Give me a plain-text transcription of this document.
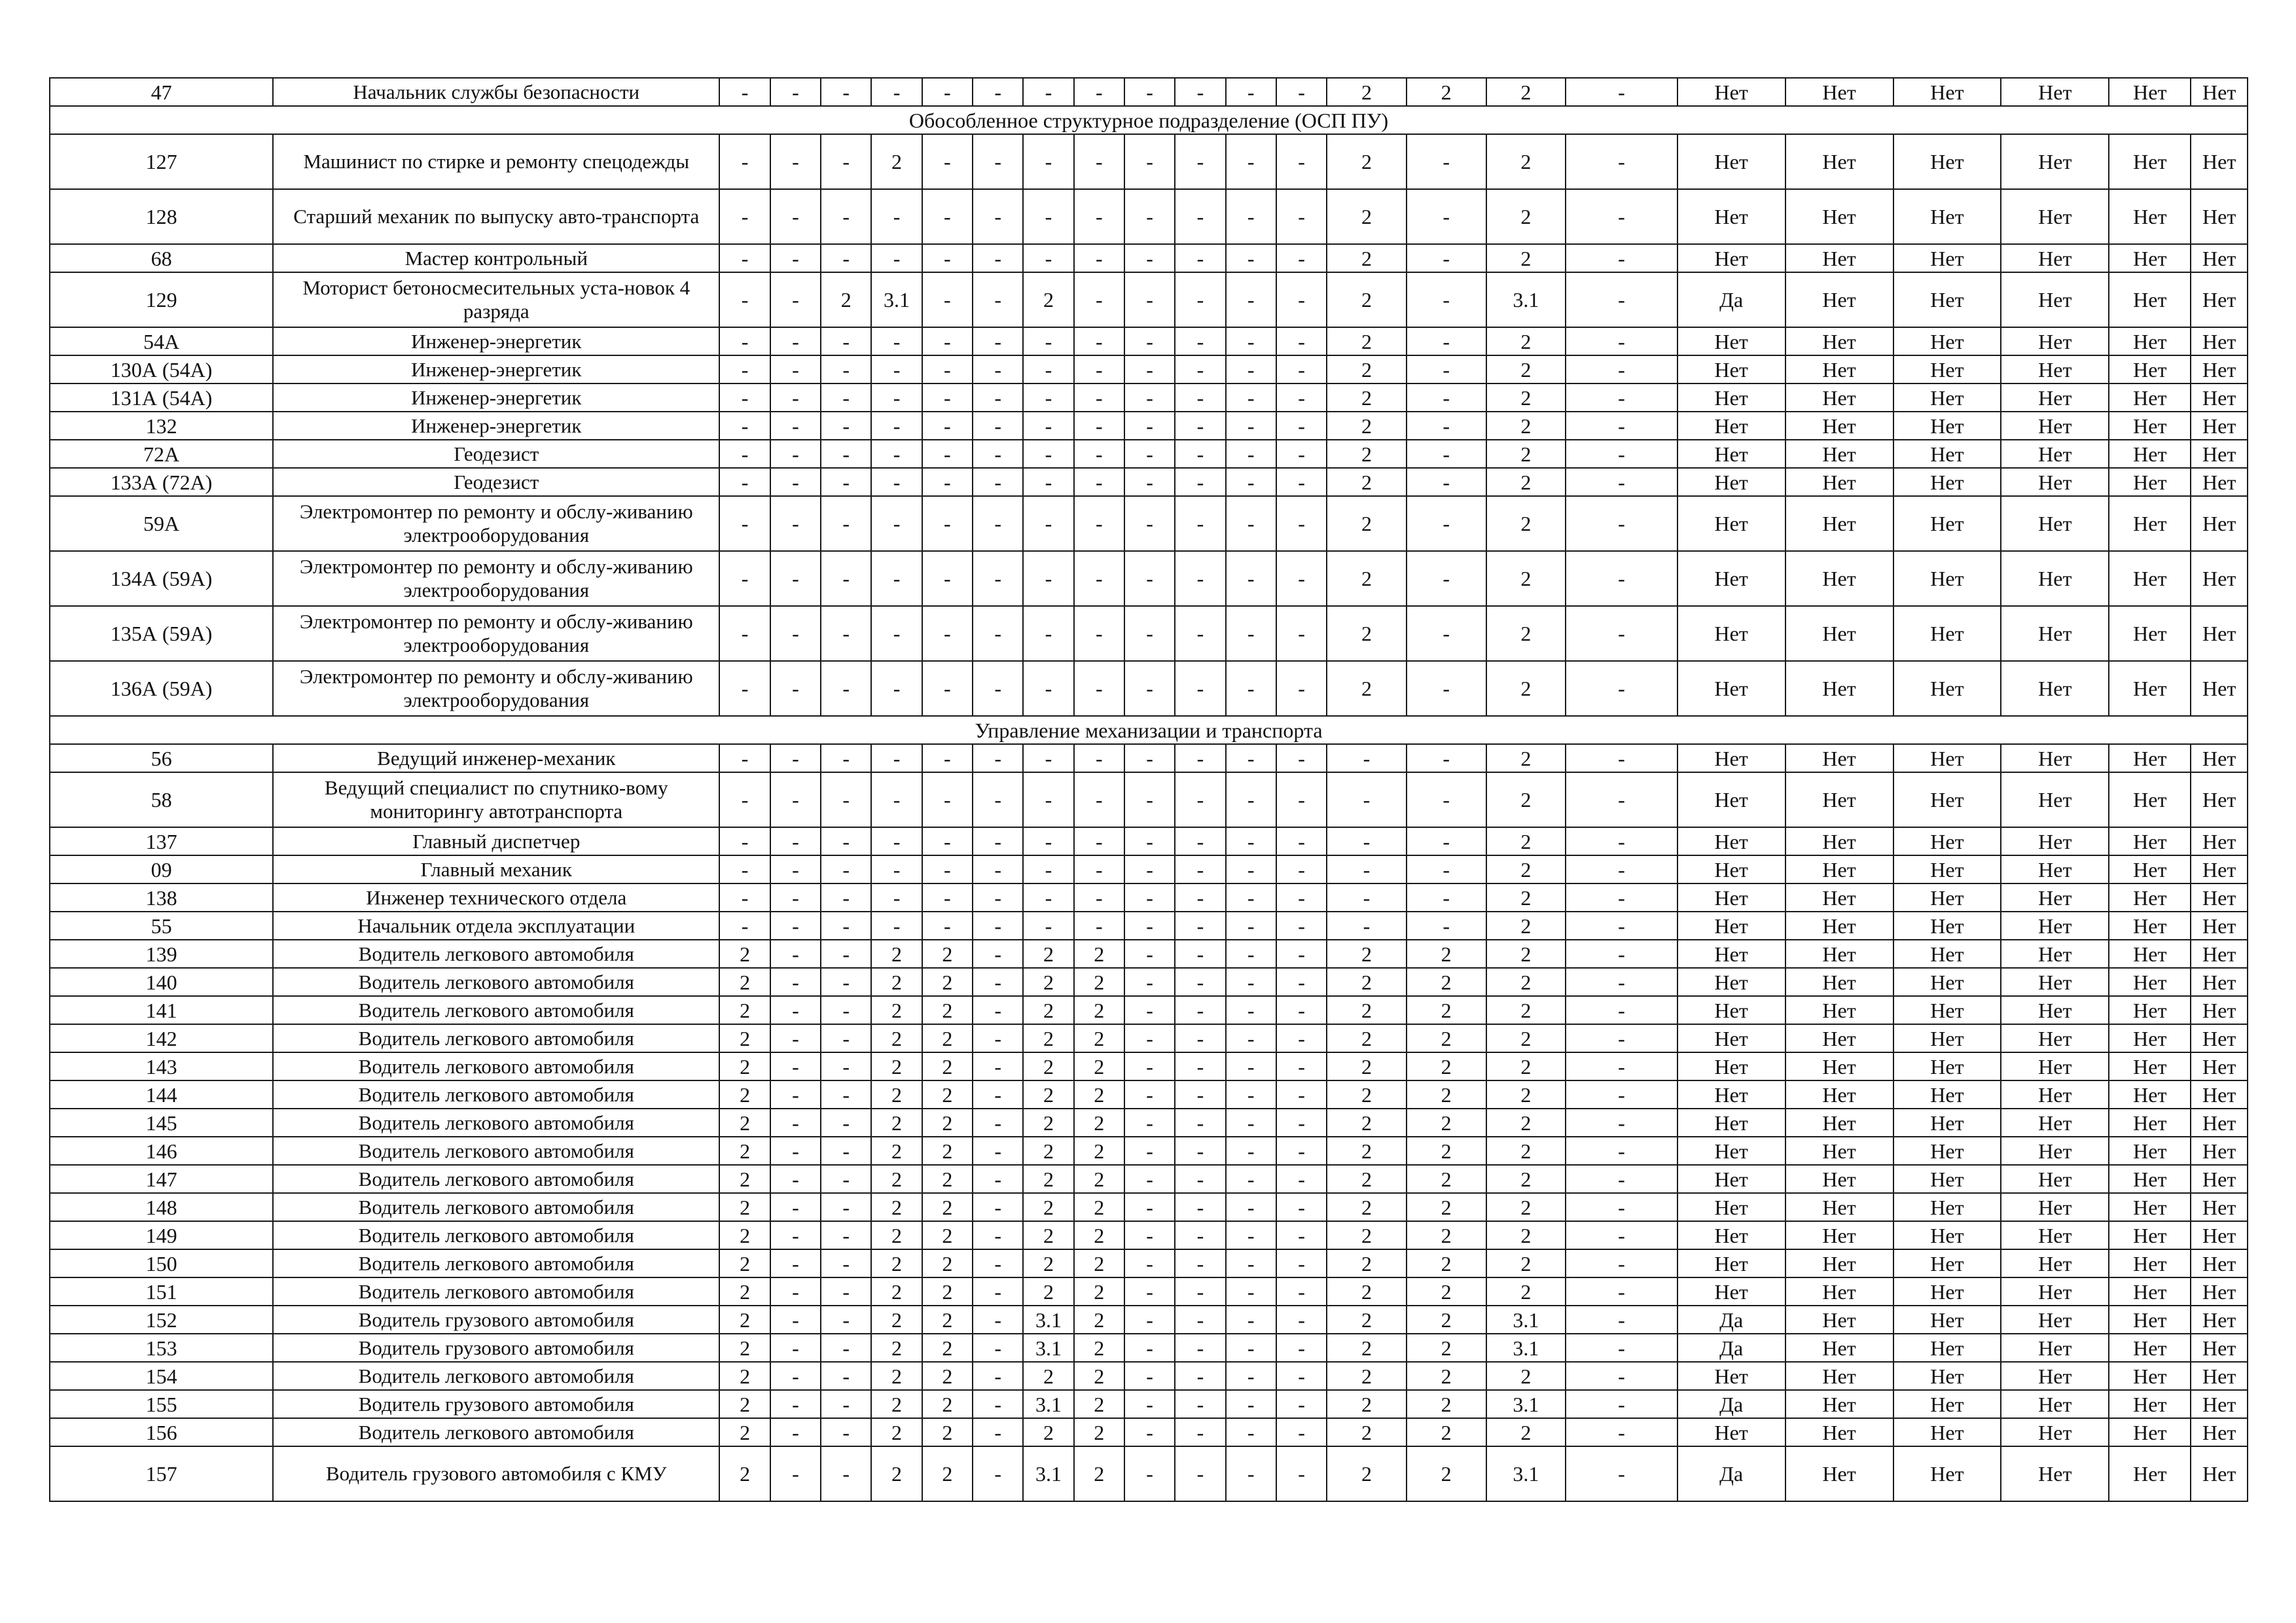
47	Начальник службы безопасности	-	-	-	-	-	-	-	-	-	-	-	-	2	2	2	-	Нет	Нет	Нет	Нет	Нет	Нет
Обособленное структурное подразделение (ОСП ПУ)																							
127	Машинист по стирке и ремонту спецодежды	-	-	-	2	-	-	-	-	-	-	-	-	2	-	2	-	Нет	Нет	Нет	Нет	Нет	Нет
128	Старший механик по выпуску авто-транспорта	-	-	-	-	-	-	-	-	-	-	-	-	2	-	2	-	Нет	Нет	Нет	Нет	Нет	Нет
68	Мастер контрольный	-	-	-	-	-	-	-	-	-	-	-	-	2	-	2	-	Нет	Нет	Нет	Нет	Нет	Нет
129	Моторист бетоносмесительных уста-новок 4 разряда	-	-	2	3.1	-	-	2	-	-	-	-	-	2	-	3.1	-	Да	Нет	Нет	Нет	Нет	Нет
54А	Инженер-энергетик	-	-	-	-	-	-	-	-	-	-	-	-	2	-	2	-	Нет	Нет	Нет	Нет	Нет	Нет
130А (54А)	Инженер-энергетик	-	-	-	-	-	-	-	-	-	-	-	-	2	-	2	-	Нет	Нет	Нет	Нет	Нет	Нет
131А (54А)	Инженер-энергетик	-	-	-	-	-	-	-	-	-	-	-	-	2	-	2	-	Нет	Нет	Нет	Нет	Нет	Нет
132	Инженер-энергетик	-	-	-	-	-	-	-	-	-	-	-	-	2	-	2	-	Нет	Нет	Нет	Нет	Нет	Нет
72А	Геодезист	-	-	-	-	-	-	-	-	-	-	-	-	2	-	2	-	Нет	Нет	Нет	Нет	Нет	Нет
133А (72А)	Геодезист	-	-	-	-	-	-	-	-	-	-	-	-	2	-	2	-	Нет	Нет	Нет	Нет	Нет	Нет
59А	Электромонтер по ремонту и обслу-живанию электрооборудования	-	-	-	-	-	-	-	-	-	-	-	-	2	-	2	-	Нет	Нет	Нет	Нет	Нет	Нет
134А (59А)	Электромонтер по ремонту и обслу-живанию электрооборудования	-	-	-	-	-	-	-	-	-	-	-	-	2	-	2	-	Нет	Нет	Нет	Нет	Нет	Нет
135А (59А)	Электромонтер по ремонту и обслу-живанию электрооборудования	-	-	-	-	-	-	-	-	-	-	-	-	2	-	2	-	Нет	Нет	Нет	Нет	Нет	Нет
136А (59А)	Электромонтер по ремонту и обслу-живанию электрооборудования	-	-	-	-	-	-	-	-	-	-	-	-	2	-	2	-	Нет	Нет	Нет	Нет	Нет	Нет
Управление механизации и транспорта																							
56	Ведущий инженер-механик	-	-	-	-	-	-	-	-	-	-	-	-	-	-	2	-	Нет	Нет	Нет	Нет	Нет	Нет
58	Ведущий специалист по спутнико-вому мониторингу автотранспорта	-	-	-	-	-	-	-	-	-	-	-	-	-	-	2	-	Нет	Нет	Нет	Нет	Нет	Нет
137	Главный диспетчер	-	-	-	-	-	-	-	-	-	-	-	-	-	-	2	-	Нет	Нет	Нет	Нет	Нет	Нет
09	Главный механик	-	-	-	-	-	-	-	-	-	-	-	-	-	-	2	-	Нет	Нет	Нет	Нет	Нет	Нет
138	Инженер технического отдела	-	-	-	-	-	-	-	-	-	-	-	-	-	-	2	-	Нет	Нет	Нет	Нет	Нет	Нет
55	Начальник отдела эксплуатации	-	-	-	-	-	-	-	-	-	-	-	-	-	-	2	-	Нет	Нет	Нет	Нет	Нет	Нет
139	Водитель легкового автомобиля	2	-	-	2	2	-	2	2	-	-	-	-	2	2	2	-	Нет	Нет	Нет	Нет	Нет	Нет
140	Водитель легкового автомобиля	2	-	-	2	2	-	2	2	-	-	-	-	2	2	2	-	Нет	Нет	Нет	Нет	Нет	Нет
141	Водитель легкового автомобиля	2	-	-	2	2	-	2	2	-	-	-	-	2	2	2	-	Нет	Нет	Нет	Нет	Нет	Нет
142	Водитель легкового автомобиля	2	-	-	2	2	-	2	2	-	-	-	-	2	2	2	-	Нет	Нет	Нет	Нет	Нет	Нет
143	Водитель легкового автомобиля	2	-	-	2	2	-	2	2	-	-	-	-	2	2	2	-	Нет	Нет	Нет	Нет	Нет	Нет
144	Водитель легкового автомобиля	2	-	-	2	2	-	2	2	-	-	-	-	2	2	2	-	Нет	Нет	Нет	Нет	Нет	Нет
145	Водитель легкового автомобиля	2	-	-	2	2	-	2	2	-	-	-	-	2	2	2	-	Нет	Нет	Нет	Нет	Нет	Нет
146	Водитель легкового автомобиля	2	-	-	2	2	-	2	2	-	-	-	-	2	2	2	-	Нет	Нет	Нет	Нет	Нет	Нет
147	Водитель легкового автомобиля	2	-	-	2	2	-	2	2	-	-	-	-	2	2	2	-	Нет	Нет	Нет	Нет	Нет	Нет
148	Водитель легкового автомобиля	2	-	-	2	2	-	2	2	-	-	-	-	2	2	2	-	Нет	Нет	Нет	Нет	Нет	Нет
149	Водитель легкового автомобиля	2	-	-	2	2	-	2	2	-	-	-	-	2	2	2	-	Нет	Нет	Нет	Нет	Нет	Нет
150	Водитель легкового автомобиля	2	-	-	2	2	-	2	2	-	-	-	-	2	2	2	-	Нет	Нет	Нет	Нет	Нет	Нет
151	Водитель легкового автомобиля	2	-	-	2	2	-	2	2	-	-	-	-	2	2	2	-	Нет	Нет	Нет	Нет	Нет	Нет
152	Водитель грузового автомобиля	2	-	-	2	2	-	3.1	2	-	-	-	-	2	2	3.1	-	Да	Нет	Нет	Нет	Нет	Нет
153	Водитель грузового автомобиля	2	-	-	2	2	-	3.1	2	-	-	-	-	2	2	3.1	-	Да	Нет	Нет	Нет	Нет	Нет
154	Водитель легкового автомобиля	2	-	-	2	2	-	2	2	-	-	-	-	2	2	2	-	Нет	Нет	Нет	Нет	Нет	Нет
155	Водитель грузового автомобиля	2	-	-	2	2	-	3.1	2	-	-	-	-	2	2	3.1	-	Да	Нет	Нет	Нет	Нет	Нет
156	Водитель легкового автомобиля	2	-	-	2	2	-	2	2	-	-	-	-	2	2	2	-	Нет	Нет	Нет	Нет	Нет	Нет
157	Водитель грузового автомобиля с КМУ	2	-	-	2	2	-	3.1	2	-	-	-	-	2	2	3.1	-	Да	Нет	Нет	Нет	Нет	Нет
